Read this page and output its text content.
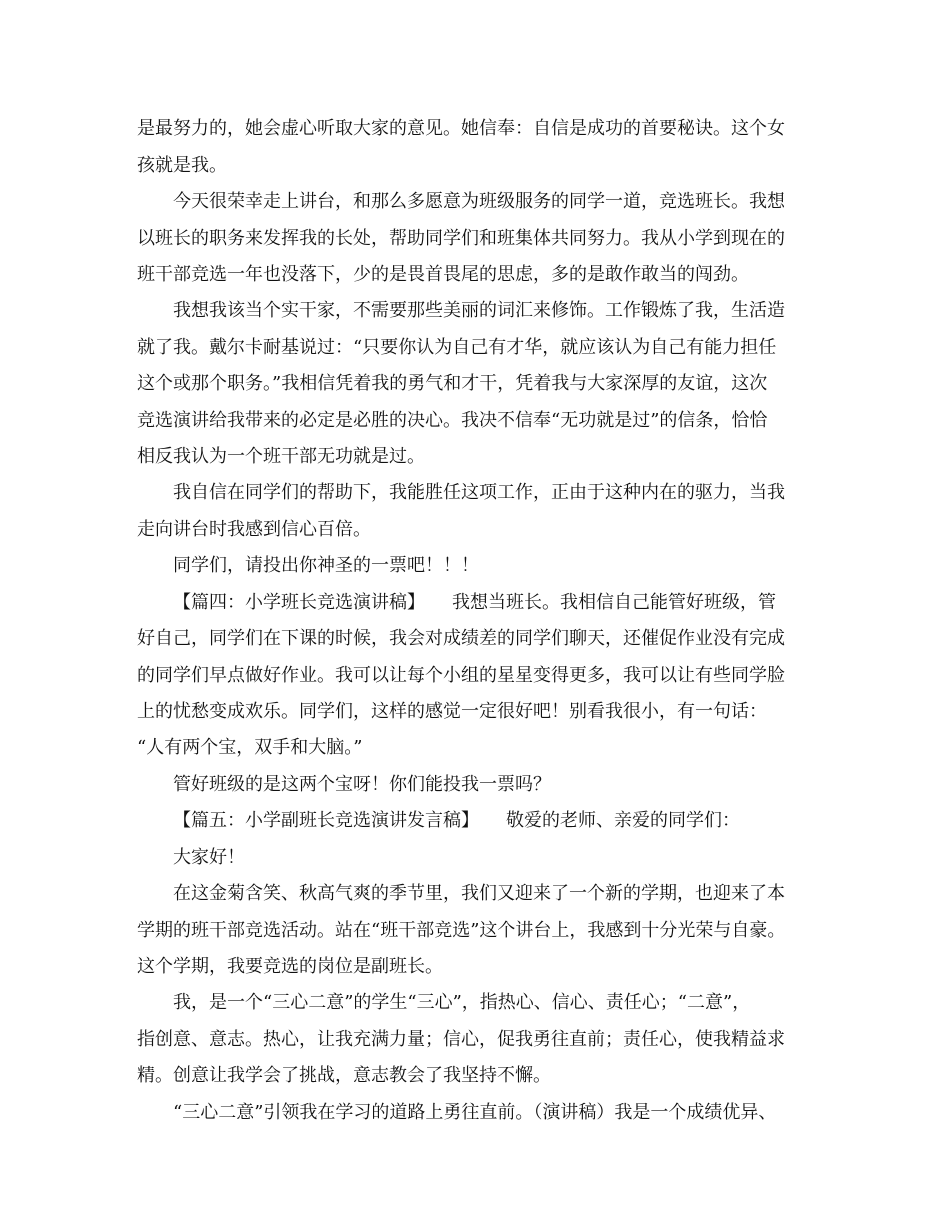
是最努力的，她会虚心听取大家的意见。她信奉：自信是成功的首要秘诀。这个女
孩就是我。
今天很荣幸走上讲台，和那么多愿意为班级服务的同学一道，竞选班长。我想
以班长的职务来发挥我的长处，帮助同学们和班集体共同努力。我从小学到现在的
班干部竞选一年也没落下，少的是畏首畏尾的思虑，多的是敢作敢当的闯劲。
我想我该当个实干家，不需要那些美丽的词汇来修饰。工作锻炼了我，生活造
就了我。戴尔卡耐基说过：“只要你认为自己有才华，就应该认为自己有能力担任
这个或那个职务。”我相信凭着我的勇气和才干，凭着我与大家深厚的友谊，这次
竞选演讲给我带来的必定是必胜的决心。我决不信奉“无功就是过”的信条，恰恰
相反我认为一个班干部无功就是过。
我自信在同学们的帮助下，我能胜任这项工作，正由于这种内在的驱力，当我
走向讲台时我感到信心百倍。
同学们，请投出你神圣的一票吧！！！
【篇四：小学班长竞选演讲稿】　　我想当班长。我相信自己能管好班级，管
好自己，同学们在下课的时候，我会对成绩差的同学们聊天，还催促作业没有完成
的同学们早点做好作业。我可以让每个小组的星星变得更多，我可以让有些同学脸
上的忧愁变成欢乐。同学们，这样的感觉一定很好吧！别看我很小，有一句话：
“人有两个宝，双手和大脑。”
管好班级的是这两个宝呀！你们能投我一票吗？
【篇五：小学副班长竞选演讲发言稿】　　敬爱的老师、亲爱的同学们：
大家好！
在这金菊含笑、秋高气爽的季节里，我们又迎来了一个新的学期，也迎来了本
学期的班干部竞选活动。站在“班干部竞选”这个讲台上，我感到十分光荣与自豪。
这个学期，我要竞选的岗位是副班长。
我，是一个“三心二意”的学生“三心”，指热心、信心、责任心；“二意”，
指创意、意志。热心，让我充满力量；信心，促我勇往直前；责任心，使我精益求
精。创意让我学会了挑战，意志教会了我坚持不懈。
“三心二意”引领我在学习的道路上勇往直前。（演讲稿）我是一个成绩优异、
